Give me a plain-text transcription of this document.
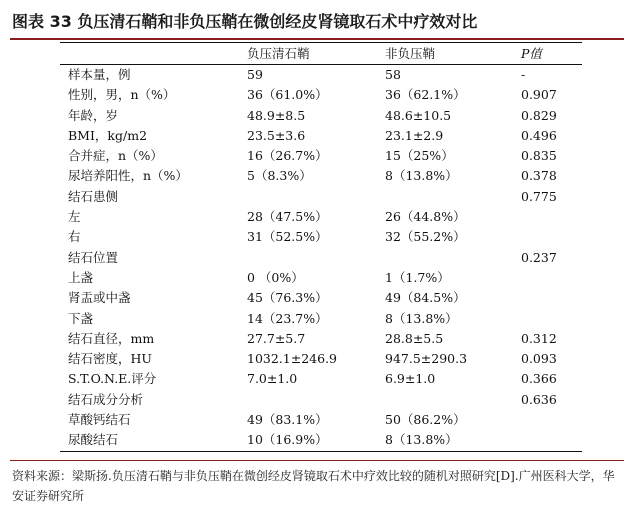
图表 33 负压清石鞘和非负压鞘在微创经皮肾镜取石术中疗效对比
	负压清石鞘	非负压鞘	P值
样本量，例	59	58	-
性别，男，n（%）	36（61.0%）	36（62.1%）	0.907
年龄，岁	48.9±8.5	48.6±10.5	0.829
BMI，kg/m2	23.5±3.6	23.1±2.9	0.496
合并症，n（%）	16（26.7%）	15（25%）	0.835
尿培养阳性，n（%）	5（8.3%）	8（13.8%）	0.378
结石患侧			0.775
左	28（47.5%）	26（44.8%）	
右	31（52.5%）	32（55.2%）	
结石位置			0.237
上盏	0 （0%）	1（1.7%）	
肾盂或中盏	45（76.3%）	49（84.5%）	
下盏	14（23.7%）	8（13.8%）	
结石直径，mm	27.7±5.7	28.8±5.5	0.312
结石密度，HU	1032.1±246.9	947.5±290.3	0.093
S.T.O.N.E.评分	7.0±1.0	6.9±1.0	0.366
结石成分分析			0.636
草酸钙结石	49（83.1%）	50（86.2%）	
尿酸结石	10（16.9%）	8（13.8%）	
资料来源：梁斯扬.负压清石鞘与非负压鞘在微创经皮肾镜取石术中疗效比较的随机对照研究[D].广州医科大学，华安证券研究所
